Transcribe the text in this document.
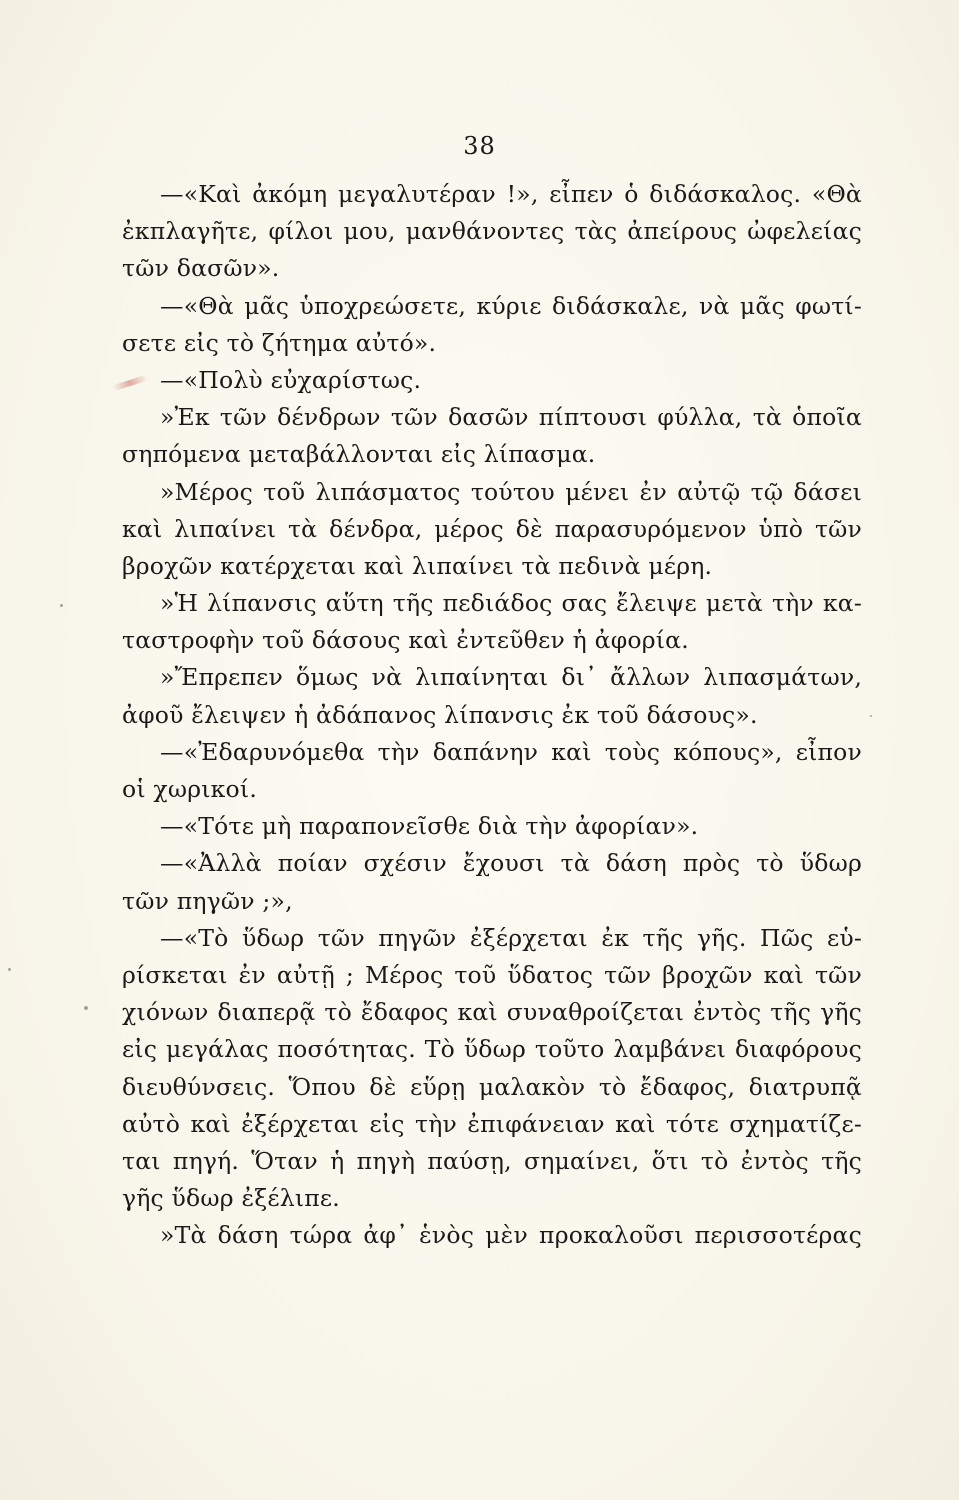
38
—«Καὶ ἀκόμη μεγαλυτέραν !», εἶπεν ὁ διδάσκαλος. «Θὰ
ἐκπλαγῆτε, φίλοι μου, μανθάνοντες τὰς ἀπείρους ὠφελείας
τῶν δασῶν».
—«Θὰ μᾶς ὑποχρεώσετε, κύριε διδάσκαλε, νὰ μᾶς φωτί-
σετε εἰς τὸ ζήτημα αὐτό».
—«Πολὺ εὐχαρίστως.
»Ἐκ τῶν δένδρων τῶν δασῶν πίπτουσι φύλλα, τὰ ὁποῖα
σηπόμενα μεταβάλλονται εἰς λίπασμα.
»Μέρος τοῦ λιπάσματος τούτου μένει ἐν αὐτῷ τῷ δάσει
καὶ λιπαίνει τὰ δένδρα, μέρος δὲ παρασυρόμενον ὑπὸ τῶν
βροχῶν κατέρχεται καὶ λιπαίνει τὰ πεδινὰ μέρη.
»Ἡ λίπανσις αὕτη τῆς πεδιάδος σας ἔλειψε μετὰ τὴν κα-
ταστροφὴν τοῦ δάσους καὶ ἐντεῦθεν ἡ ἀφορία.
»Ἔπρεπεν ὅμως νὰ λιπαίνηται δι᾽ ἄλλων λιπασμάτων,
ἀφοῦ ἔλειψεν ἡ ἀδάπανος λίπανσις ἐκ τοῦ δάσους».
—«Ἐδαρυνόμεθα τὴν δαπάνην καὶ τοὺς κόπους», εἶπον
οἱ χωρικοί.
—«Τότε μὴ παραπονεῖσθε διὰ τὴν ἀφορίαν».
—«Ἀλλὰ ποίαν σχέσιν ἔχουσι τὰ δάση πρὸς τὸ ὕδωρ
τῶν πηγῶν ;»,
—«Τὸ ὕδωρ τῶν πηγῶν ἐξέρχεται ἐκ τῆς γῆς. Πῶς εὑ-
ρίσκεται ἐν αὐτῇ ; Μέρος τοῦ ὕδατος τῶν βροχῶν καὶ τῶν
χιόνων διαπερᾷ τὸ ἔδαφος καὶ συναθροίζεται ἐντὸς τῆς γῆς
εἰς μεγάλας ποσότητας. Τὸ ὕδωρ τοῦτο λαμβάνει διαφόρους
διευθύνσεις. Ὅπου δὲ εὕρῃ μαλακὸν τὸ ἔδαφος, διατρυπᾷ
αὐτὸ καὶ ἐξέρχεται εἰς τὴν ἐπιφάνειαν καὶ τότε σχηματίζε-
ται πηγή. Ὅταν ἡ πηγὴ παύσῃ, σημαίνει, ὅτι τὸ ἐντὸς τῆς
γῆς ὕδωρ ἐξέλιπε.
»Τὰ δάση τώρα ἀφ᾽ ἑνὸς μὲν προκαλοῦσι περισσοτέρας
